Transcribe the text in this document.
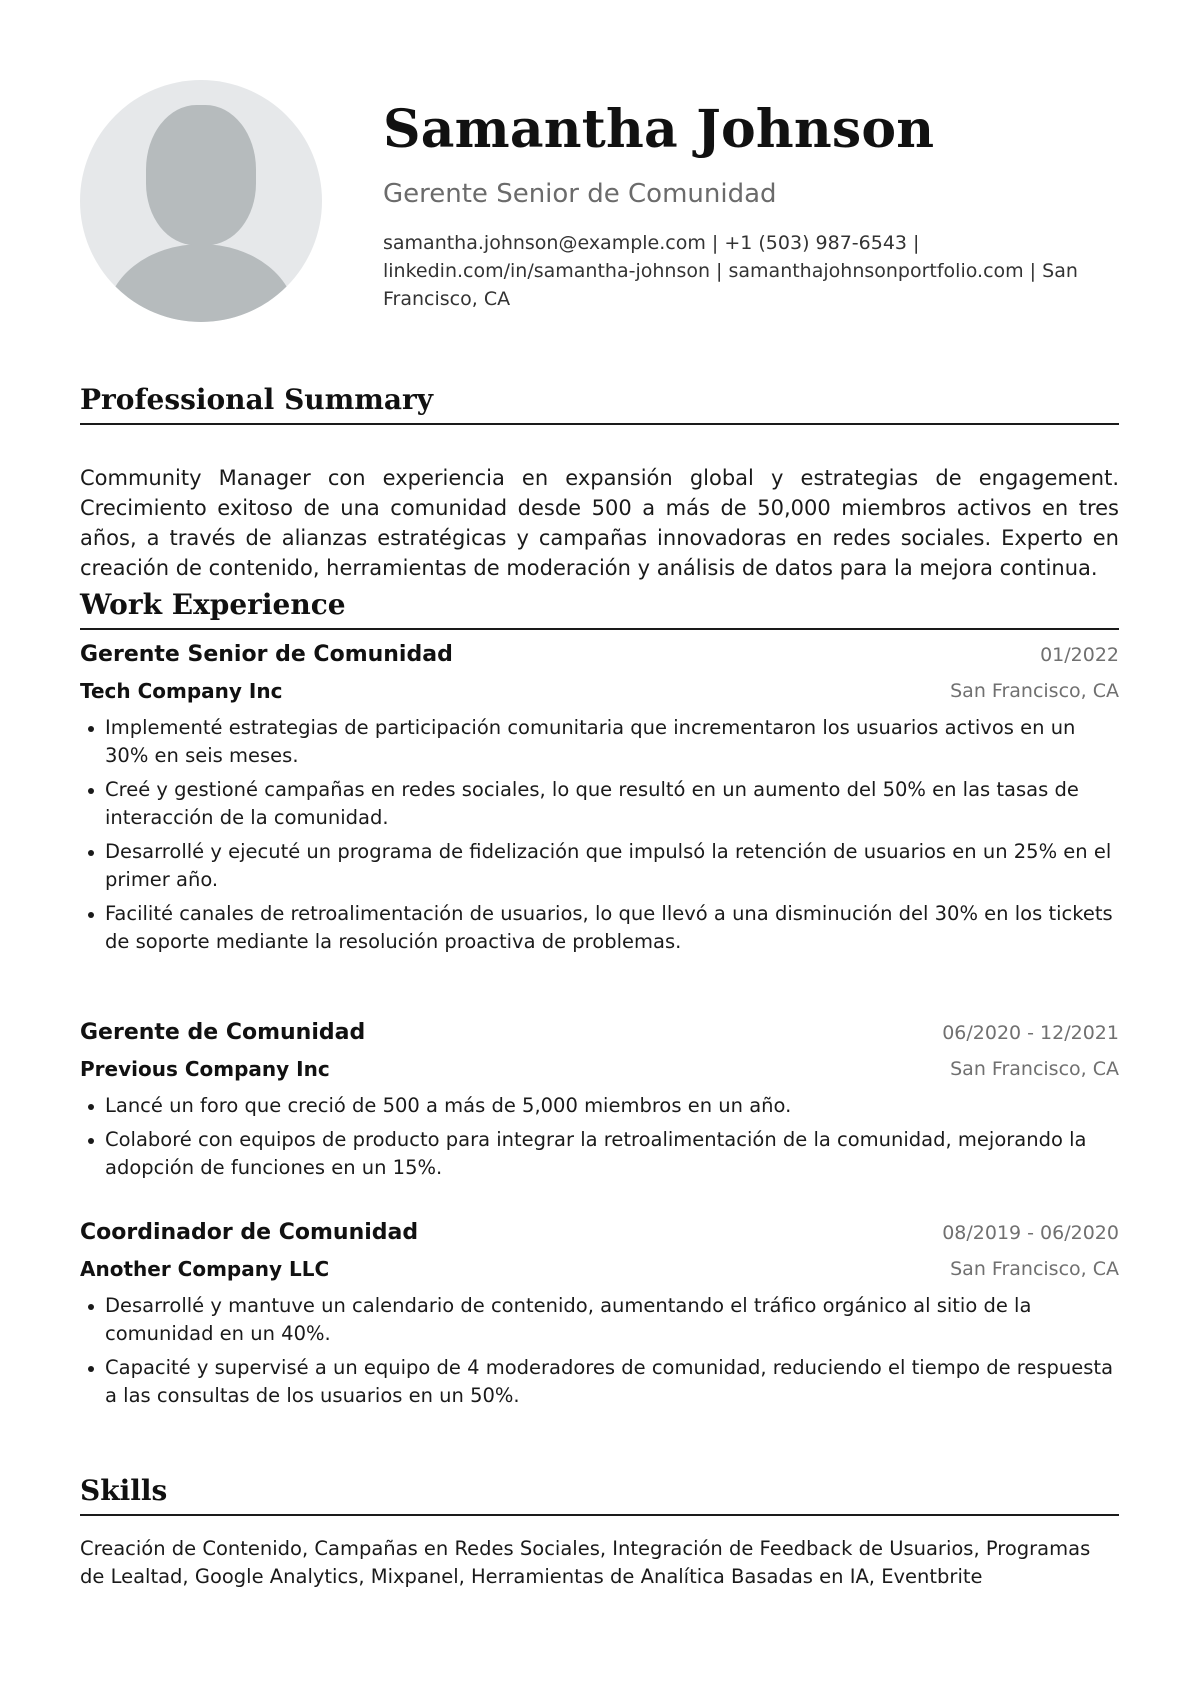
Samantha Johnson
Gerente Senior de Comunidad
samantha.johnson@example.com | +1 (503) 987-6543 | linkedin.com/in/samantha-johnson | samanthajohnsonportfolio.com | San Francisco, CA
Professional Summary

Community Manager con experiencia en expansión global y estrategias de engagement. Crecimiento exitoso de una comunidad desde 500 a más de 50,000 miembros activos en tres años, a través de alianzas estratégicas y campañas innovadoras en redes sociales. Experto en creación de contenido, herramientas de moderación y análisis de datos para la mejora continua.

Work Experience
Gerente Senior de Comunidad	01/2022
Tech Company Inc	San Francisco, CA
Implementé estrategias de participación comunitaria que incrementaron los usuarios activos en un 30% en seis meses.
Creé y gestioné campañas en redes sociales, lo que resultó en un aumento del 50% en las tasas de interacción de la comunidad.
Desarrollé y ejecuté un programa de fidelización que impulsó la retención de usuarios en un 25% en el primer año.
Facilité canales de retroalimentación de usuarios, lo que llevó a una disminución del 30% en los tickets de soporte mediante la resolución proactiva de problemas.
Gerente de Comunidad	06/2020 - 12/2021
Previous Company Inc	San Francisco, CA
Lancé un foro que creció de 500 a más de 5,000 miembros en un año.
Colaboré con equipos de producto para integrar la retroalimentación de la comunidad, mejorando la adopción de funciones en un 15%.
Coordinador de Comunidad	08/2019 - 06/2020
Another Company LLC	San Francisco, CA
Desarrollé y mantuve un calendario de contenido, aumentando el tráfico orgánico al sitio de la comunidad en un 40%.
Capacité y supervisé a un equipo de 4 moderadores de comunidad, reduciendo el tiempo de respuesta a las consultas de los usuarios en un 50%.
Skills

Creación de Contenido, Campañas en Redes Sociales, Integración de Feedback de Usuarios, Programas de Lealtad, Google Analytics, Mixpanel, Herramientas de Analítica Basadas en IA, Eventbrite
